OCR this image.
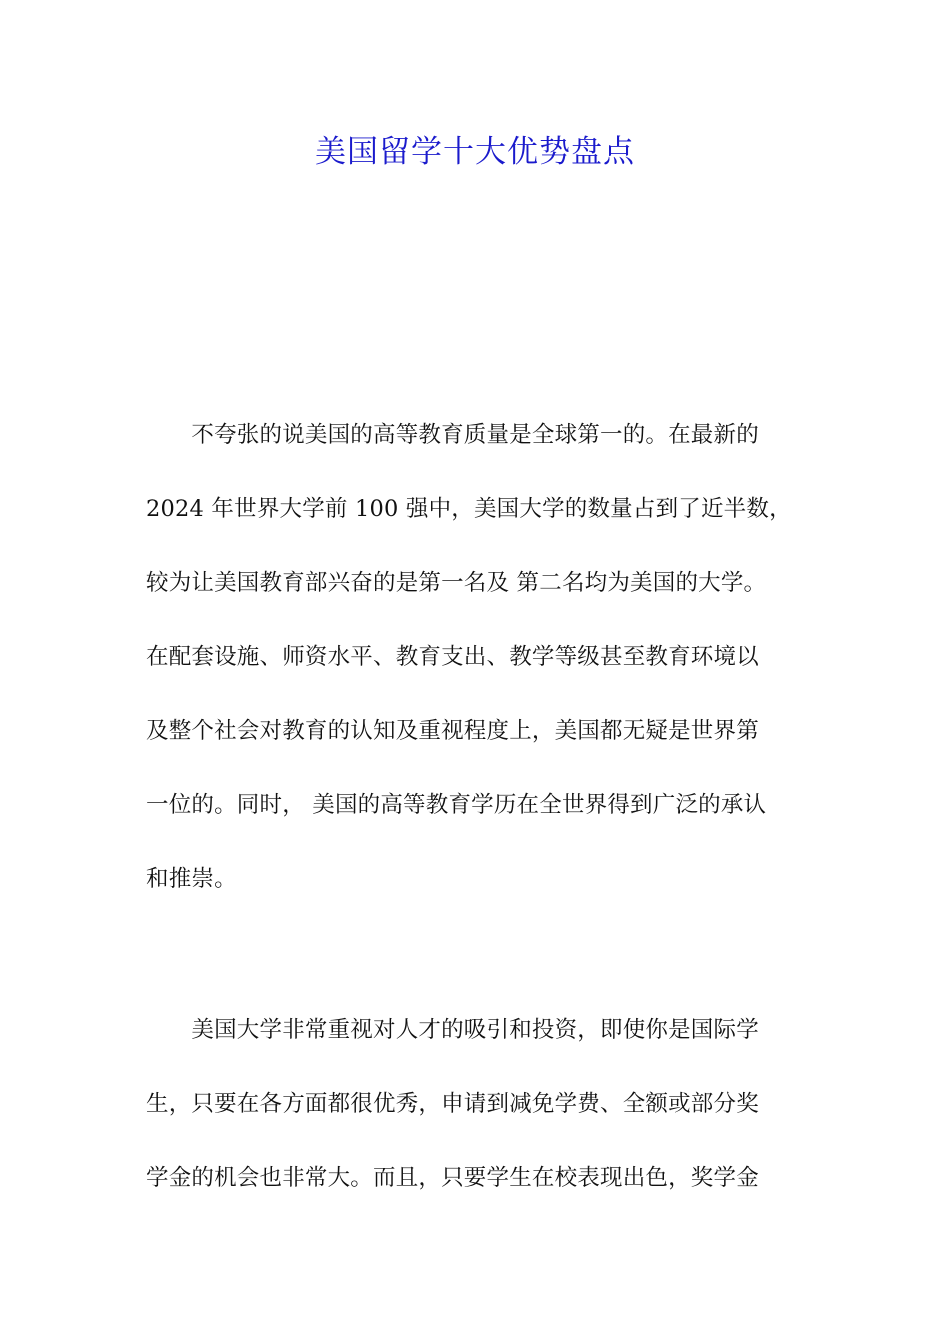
美国留学十大优势盘点
　　不夸张的说美国的高等教育质量是全球第一的。在最新的
2024 年世界大学前 100 强中，美国大学的数量占到了近半数，
较为让美国教育部兴奋的是第一名及 第二名均为美国的大学。
在配套设施、师资水平、教育支出、教学等级甚至教育环境以
及整个社会对教育的认知及重视程度上，美国都无疑是世界第
一位的。同时， 美国的高等教育学历在全世界得到广泛的承认
和推崇。
　　美国大学非常重视对人才的吸引和投资，即使你是国际学
生，只要在各方面都很优秀，申请到减免学费、全额或部分奖
学金的机会也非常大。而且，只要学生在校表现出色，奖学金
